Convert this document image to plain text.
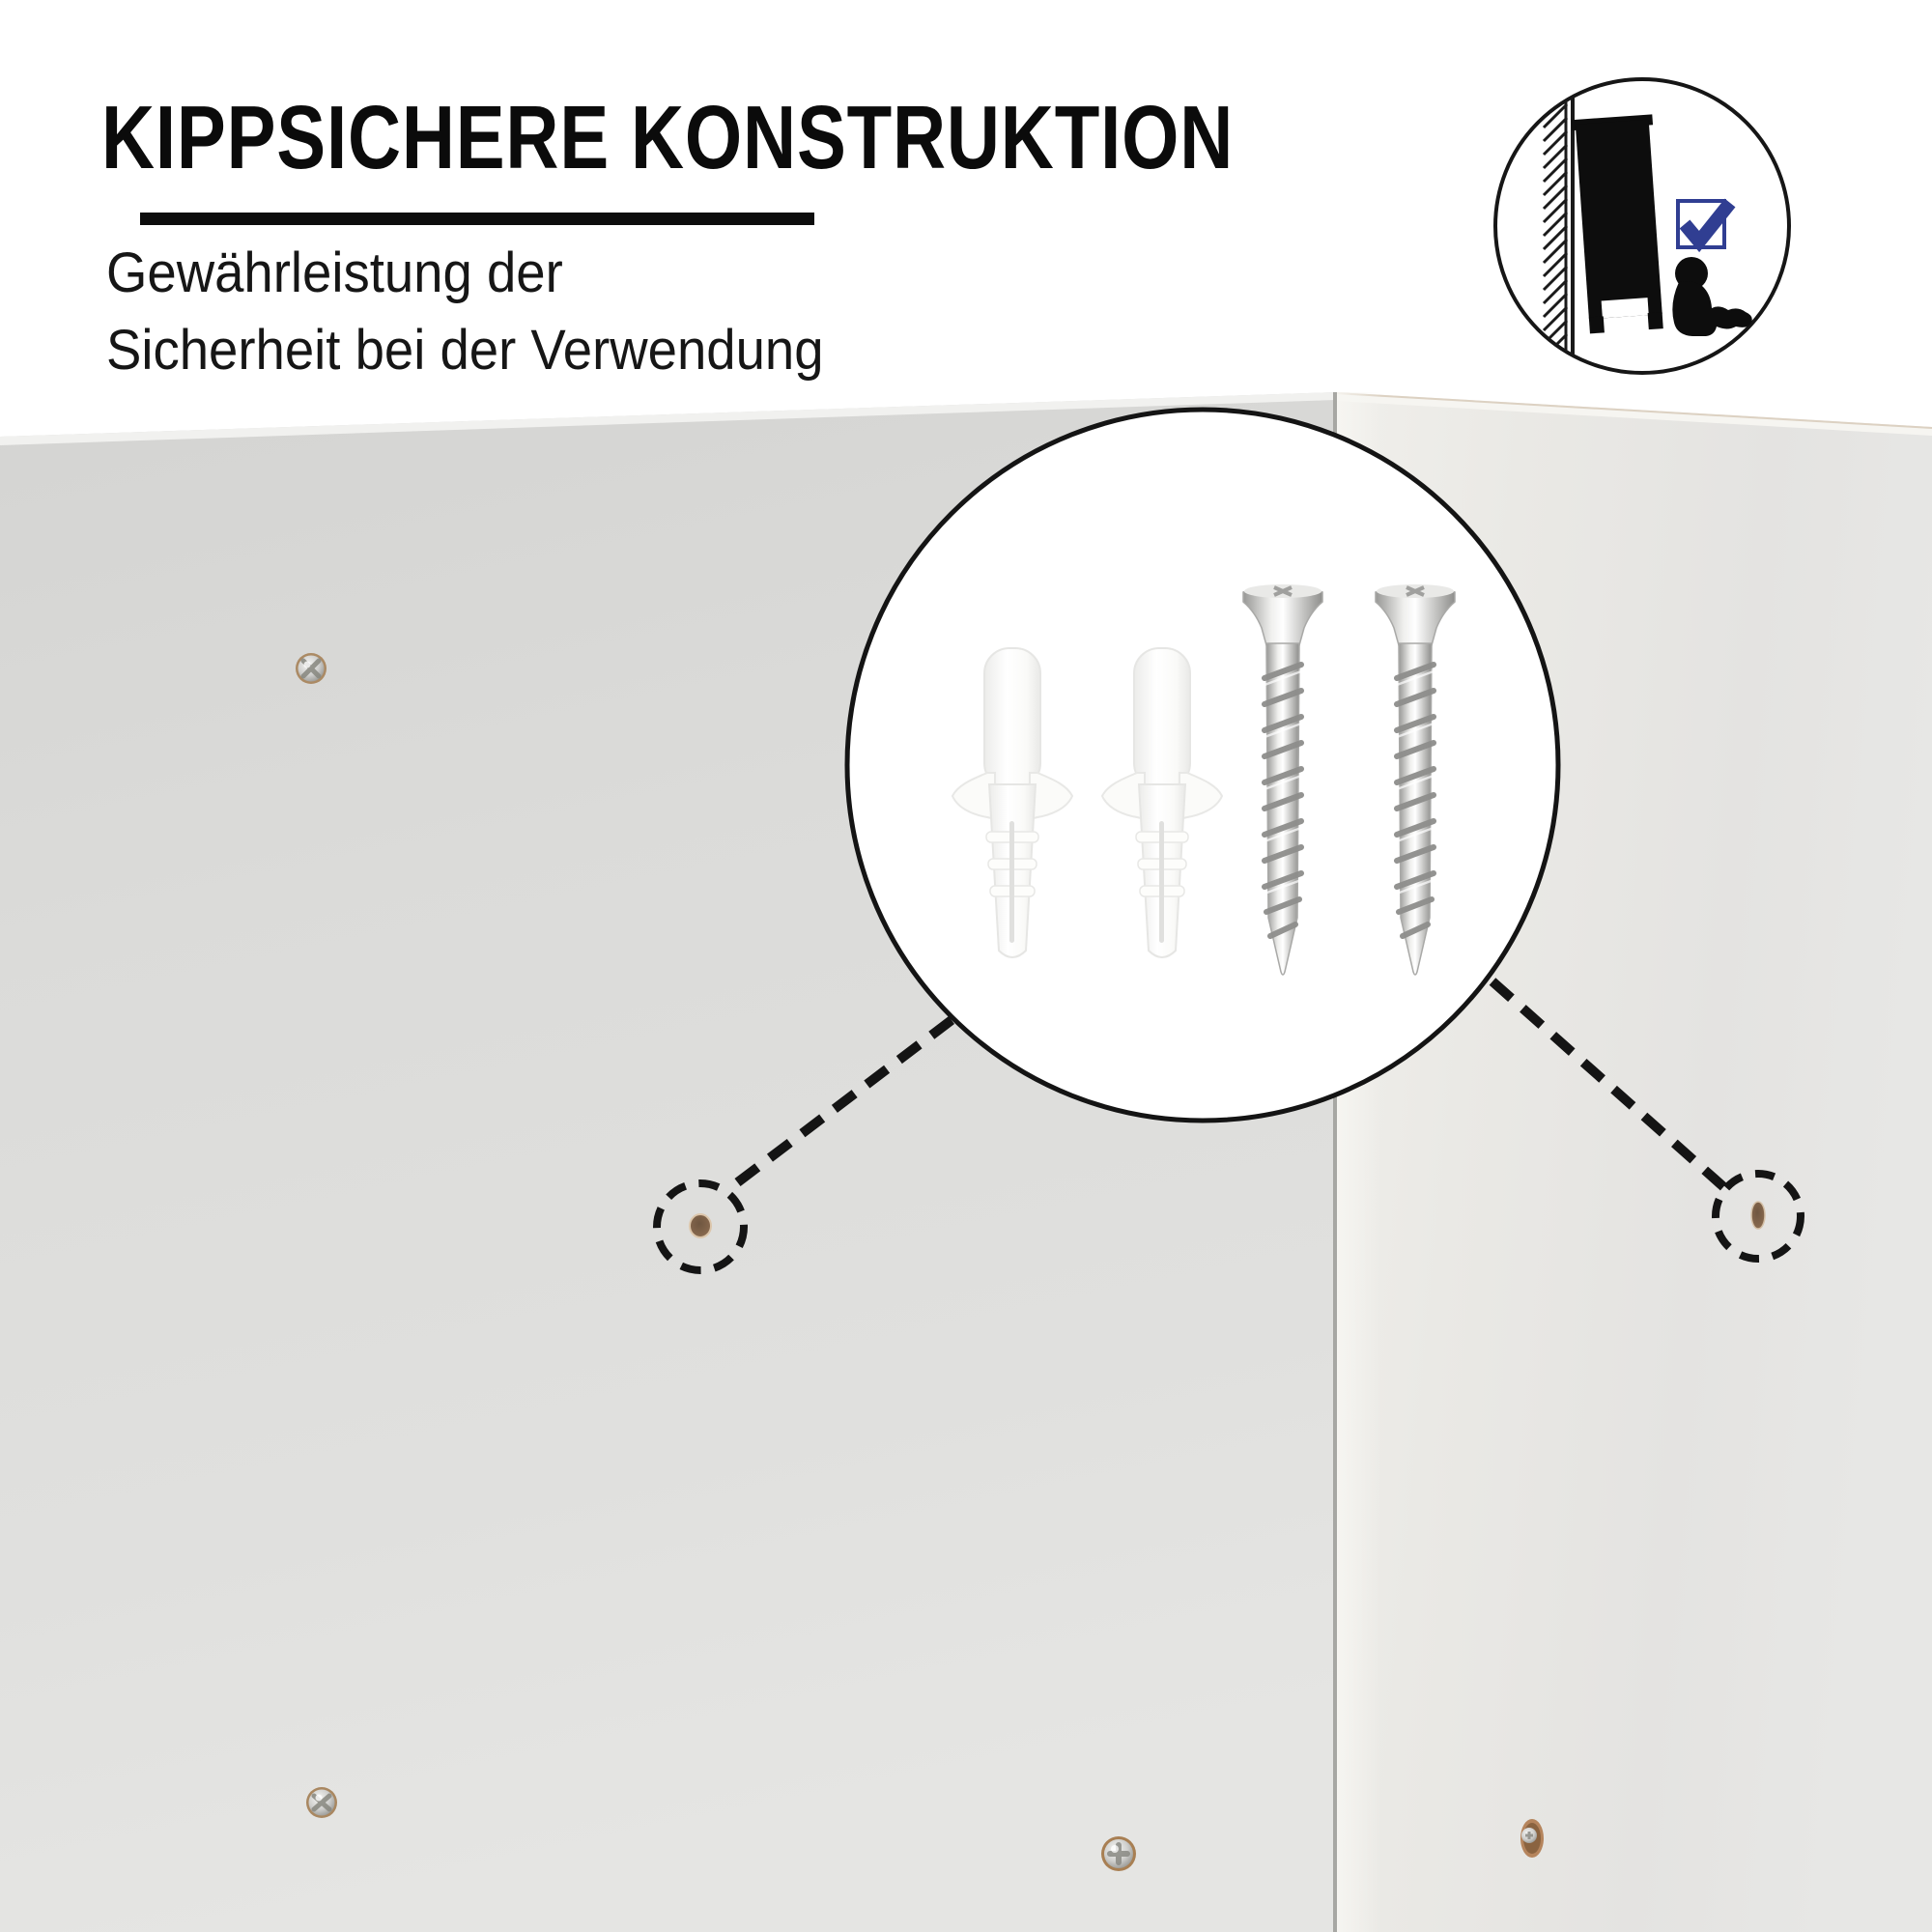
KIPPSICHERE KONSTRUKTION
Gewährleistung der
Sicherheit bei der Verwendung
